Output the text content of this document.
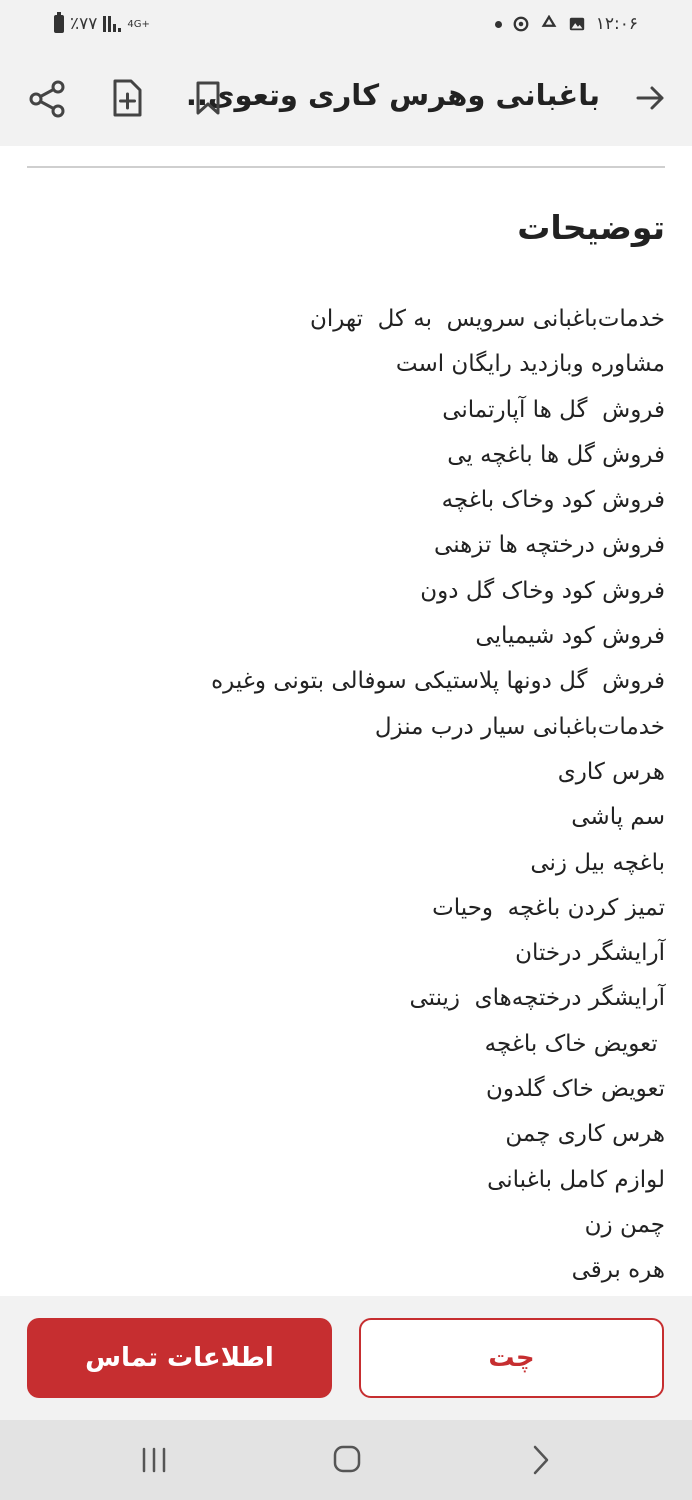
٪۷۷	4G+	۱۲:۰۶
باغبانی وهرس کاری وتعوی..
توضیحات
خدمات‌باغبانی سرویس  به کل  تهران
مشاوره وبازدید رایگان است
فروش  گل ها آپارتمانی
فروش گل ها باغچه یی
فروش کود وخاک باغچه
فروش درختچه ها تزهنی
فروش کود وخاک گل دون
فروش کود شیمیایی
فروش  گل دونها پلاستیکی سوفالی بتونی وغیره
خدمات‌باغبانی سیار درب منزل
هرس کاری
سم پاشی
باغچه بیل زنی
تمیز کردن باغچه  وحیات
آرایشگر درختان
آرایشگر درختچه‌های  زینتی
تعویض خاک باغچه
تعویض خاک گلدون
هرس کاری چمن
لوازم کامل باغبانی
چمن زن
هره برقی
اطلاعات تماس	چت
